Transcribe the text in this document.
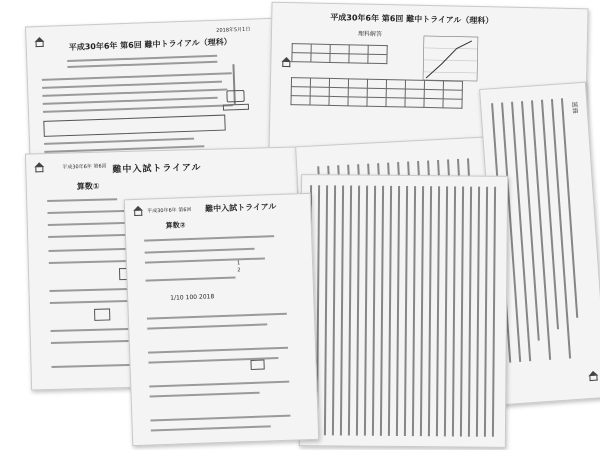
平成30年6年 第6回 難中トライアル（理科）
2018年5月1日
平成30年6年 第6回 難中トライアル（理科）
理科解答

平成30年6年 第6回 難中入試トライアル
算数①
国語
平成30年6年 第6回 難中入試トライアル
算数②
1
2
1/10 100 2018
